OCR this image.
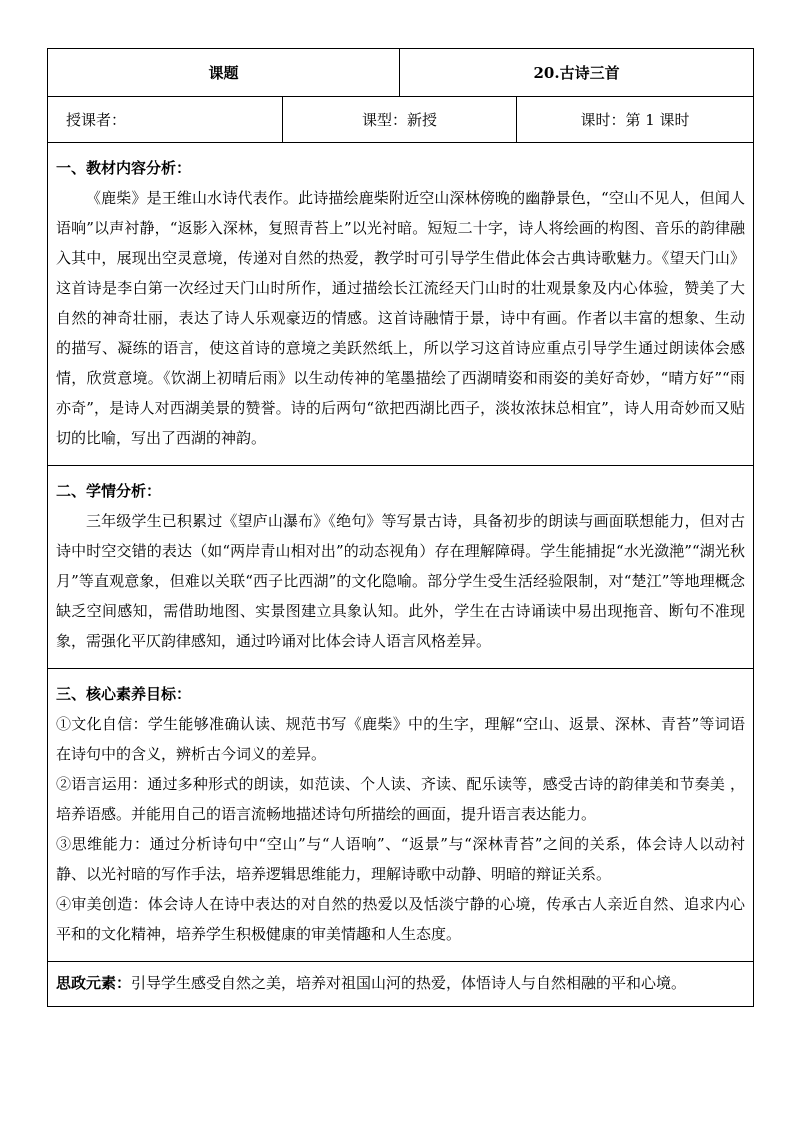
课题		20.古诗三首	
授课者：	课型：新授		课时：第 1 课时

一、教材内容分析：

《鹿柴》是王维山水诗代表作。此诗描绘鹿柴附近空山深林傍晚的幽静景色，“空山不见人，但闻人语响”以声衬静，“返影入深林，复照青苔上”以光衬暗。短短二十字，诗人将绘画的构图、音乐的韵律融入其中，展现出空灵意境，传递对自然的热爱，教学时可引导学生借此体会古典诗歌魅力。《望天门山》这首诗是李白第一次经过天门山时所作，通过描绘长江流经天门山时的壮观景象及内心体验，赞美了大自然的神奇壮丽，表达了诗人乐观豪迈的情感。这首诗融情于景，诗中有画。作者以丰富的想象、生动的描写、凝练的语言，使这首诗的意境之美跃然纸上，所以学习这首诗应重点引导学生通过朗读体会感情，欣赏意境。《饮湖上初晴后雨》以生动传神的笔墨描绘了西湖晴姿和雨姿的美好奇妙，“晴方好”“雨亦奇”，是诗人对西湖美景的赞誉。诗的后两句“欲把西湖比西子，淡妆浓抹总相宜”，诗人用奇妙而又贴切的比喻，写出了西湖的神韵。			

二、学情分析：

三年级学生已积累过《望庐山瀑布》《绝句》等写景古诗，具备初步的朗读与画面联想能力，但对古诗中时空交错的表达（如“两岸青山相对出”的动态视角）存在理解障碍。学生能捕捉“水光潋滟”“湖光秋月”等直观意象，但难以关联“西子比西湖”的文化隐喻。部分学生受生活经验限制，对“楚江”等地理概念缺乏空间感知，需借助地图、实景图建立具象认知。此外，学生在古诗诵读中易出现拖音、断句不准现象，需强化平仄韵律感知，通过吟诵对比体会诗人语言风格差异。			

三、核心素养目标：

①文化自信：学生能够准确认读、规范书写《鹿柴》中的生字，理解“空山、返景、深林、青苔”等词语在诗句中的含义，辨析古今词义的差异。

②语言运用：通过多种形式的朗读，如范读、个人读、齐读、配乐读等，感受古诗的韵律美和节奏美 ，培养语感。并能用自己的语言流畅地描述诗句所描绘的画面，提升语言表达能力。

③思维能力：通过分析诗句中“空山”与“人语响”、“返景”与“深林青苔”之间的关系，体会诗人以动衬静、以光衬暗的写作手法，培养逻辑思维能力，理解诗歌中动静、明暗的辩证关系。

④审美创造：体会诗人在诗中表达的对自然的热爱以及恬淡宁静的心境，传承古人亲近自然、追求内心平和的文化精神，培养学生积极健康的审美情趣和人生态度。			

思政元素：引导学生感受自然之美，培养对祖国山河的热爱，体悟诗人与自然相融的平和心境。			
